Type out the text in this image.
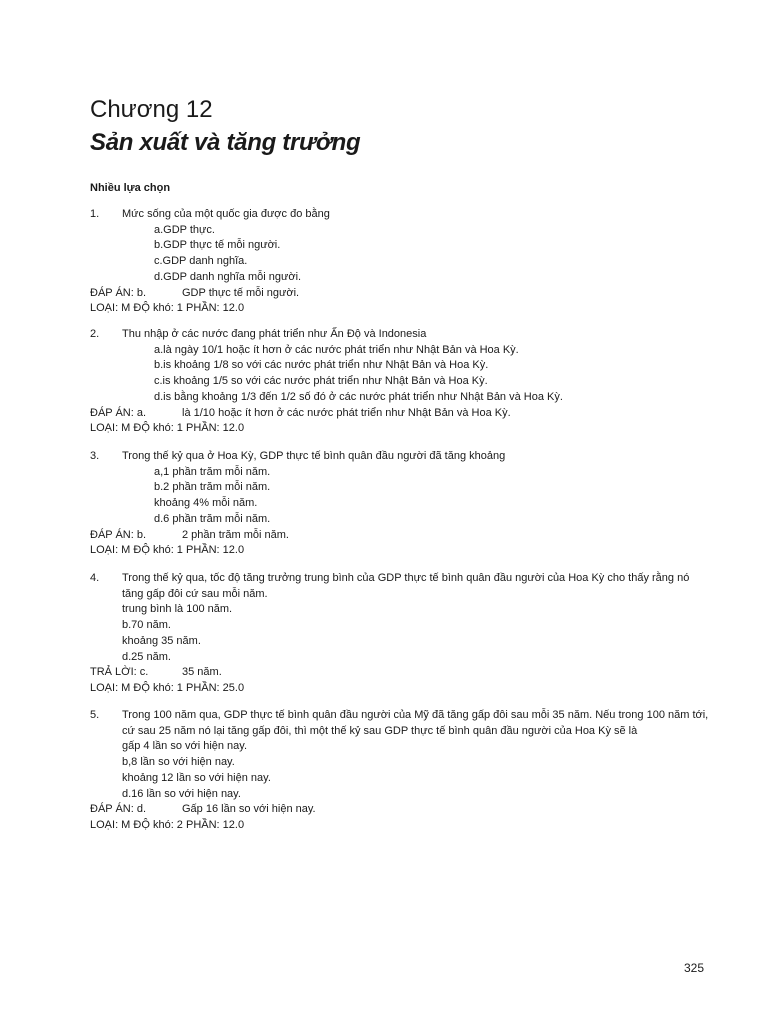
Chương 12
Sản xuất và tăng trưởng
Nhiều lựa chọn
1. Mức sống của một quốc gia được đo bằng
a.GDP thực.
b.GDP thực tế mỗi người.
c.GDP danh nghĩa.
d.GDP danh nghĩa mỗi người.
ĐÁP ÁN: b.	GDP thực tế mỗi người.
LOẠI: M ĐỘ khó: 1 PHẦN: 12.0
2. Thu nhập ở các nước đang phát triển như Ấn Độ và Indonesia
a.là ngày 10/1 hoặc ít hơn ở các nước phát triển như Nhật Bản và Hoa Kỳ.
b.is khoảng 1/8 so với các nước phát triển như Nhật Bản và Hoa Kỳ.
c.is khoảng 1/5 so với các nước phát triển như Nhật Bản và Hoa Kỳ.
d.is bằng khoảng 1/3 đến 1/2 số đó ở các nước phát triển như Nhật Bản và Hoa Kỳ.
ĐÁP ÁN: a.	là 1/10 hoặc ít hơn ở các nước phát triển như Nhật Bản và Hoa Kỳ.
LOẠI: M ĐỘ khó: 1 PHẦN: 12.0
3. Trong thế kỷ qua ở Hoa Kỳ, GDP thực tế bình quân đầu người đã tăng khoảng
a,1 phần trăm mỗi năm.
b.2 phần trăm mỗi năm.
khoảng 4% mỗi năm.
d.6 phần trăm mỗi năm.
ĐÁP ÁN: b.	2 phần trăm mỗi năm.
LOẠI: M ĐỘ khó: 1 PHẦN: 12.0
4. Trong thế kỷ qua, tốc độ tăng trưởng trung bình của GDP thực tế bình quân đầu người của Hoa Kỳ cho thấy rằng nó tăng gấp đôi cứ sau mỗi năm.
trung bình là 100 năm.
b.70 năm.
khoảng 35 năm.
d.25 năm.
TRẢ LỜI: c.	35 năm.
LOẠI: M ĐỘ khó: 1 PHẦN: 25.0
5. Trong 100 năm qua, GDP thực tế bình quân đầu người của Mỹ đã tăng gấp đôi sau mỗi 35 năm. Nếu trong 100 năm tới, cứ sau 25 năm nó lại tăng gấp đôi, thì một thế kỷ sau GDP thực tế bình quân đầu người của Hoa Kỳ sẽ là
gấp 4 lần so với hiện nay.
b,8 lần so với hiện nay.
khoảng 12 lần so với hiện nay.
d.16 lần so với hiện nay.
ĐÁP ÁN: d.	Gấp 16 lần so với hiện nay.
LOẠI: M ĐỘ khó: 2 PHẦN: 12.0
325
